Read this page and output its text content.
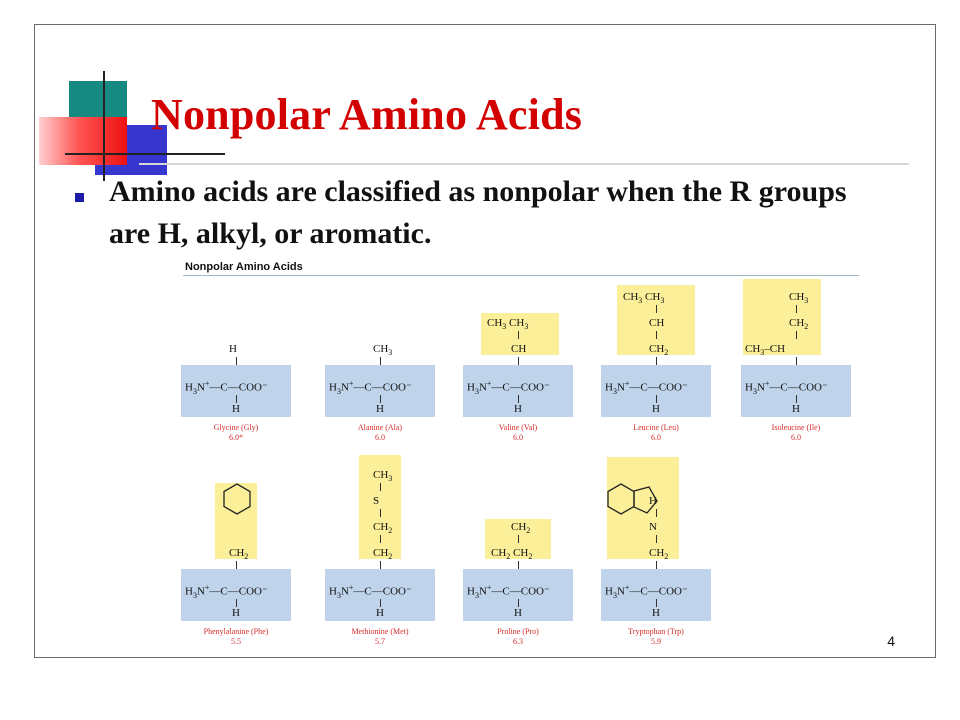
Nonpolar Amino Acids
Amino acids are classified as nonpolar when the R groups are H, alkyl, or aromatic.
Nonpolar Amino Acids
H
$H_3N^+—C—COO^-$
H
Glycine (Gly)
6.0*
$CH_3$
$H_3N^+—C—COO^-$
H
Alanine (Ala)
6.0
$CH_3$ $CH_3$
CH
$H_3N^+—C—COO^-$
H
Valine (Val)
6.0
$CH_3$ $CH_3$
CH
$CH_2$
$H_3N^+—C—COO^-$
H
Leucine (Leu)
6.0
$CH_3$
$CH_2$
$CH_3-CH$
$H_3N^+—C—COO^-$
H
Isoleucine (Ile)
6.0
$CH_2$
$H_3N^+—C—COO^-$
H
Phenylalanine (Phe)
5.5
$CH_3$
S
$CH_2$
$CH_2$
$H_3N^+—C—COO^-$
H
Methionine (Met)
5.7
$CH_2$
$CH_2$ $CH_2$
$H_3N^+—C—COO^-$
H
Proline (Pro)
6.3
H
N
$CH_2$
$H_3N^+—C—COO^-$
H
Tryptophan (Trp)
5.9	4
